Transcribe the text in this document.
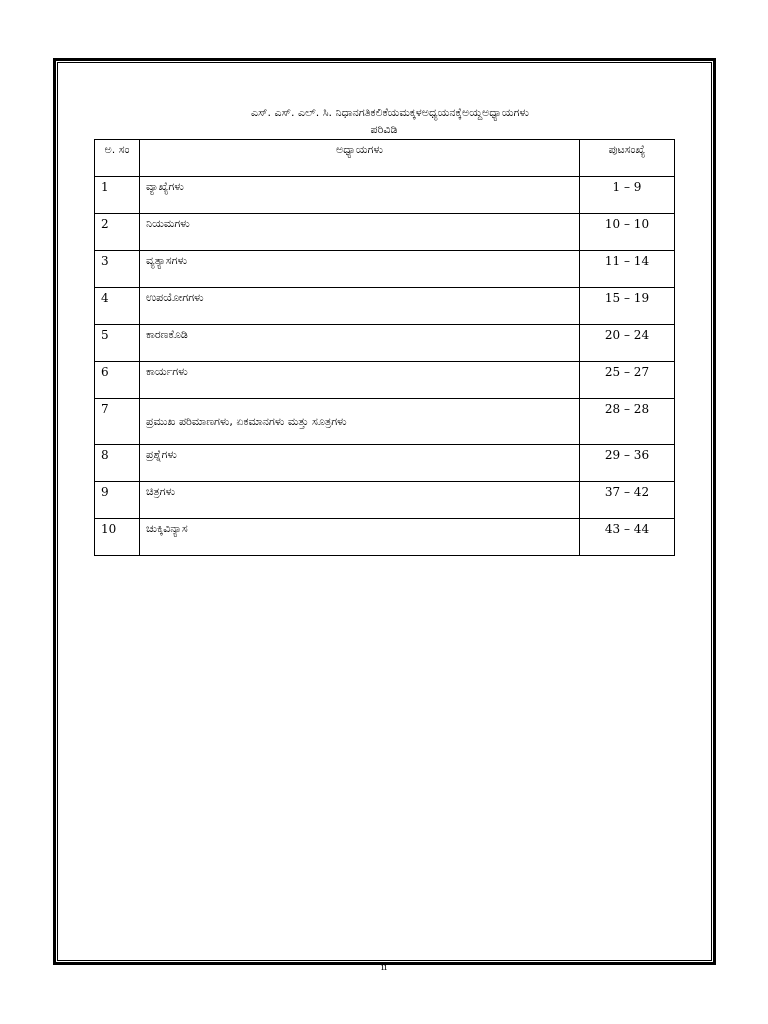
ಎಸ್. ಎಸ್. ಎಲ್. ಸಿ. ನಿಧಾನಗತಿಕಲಿಕೆಯಮಕ್ಕಳಅಧ್ಯಯನಕ್ಕೆಅಯ್ದಅಧ್ಯಾಯಗಳು
ಪರಿವಿಡಿ
ಅ. ಸಂ	ಅಧ್ಯಾಯಗಳು	ಪುಟಸಂಖ್ಯೆ
1	ವ್ಯಾಖ್ಯೆಗಳು	1 – 9
2	ನಿಯಮಗಳು	10 – 10
3	ವ್ಯತ್ಯಾಸಗಳು	11 – 14
4	ಉಪಯೋಗಗಳು	15 – 19
5	ಕಾರಣಕೊಡಿ	20 – 24
6	ಕಾರ್ಯಗಳು	25 – 27
7	ಪ್ರಮುಖ ಪರಿಮಾಣಗಳು, ಏಕಮಾನಗಳು ಮತ್ತು ಸೂತ್ರಗಳು	28 – 28
8	ಪ್ರಶ್ನೆಗಳು	29 – 36
9	ಚಿತ್ರಗಳು	37 – 42
10	ಚುಕ್ಕಿವಿನ್ಯಾಸ	43 – 44
ii
